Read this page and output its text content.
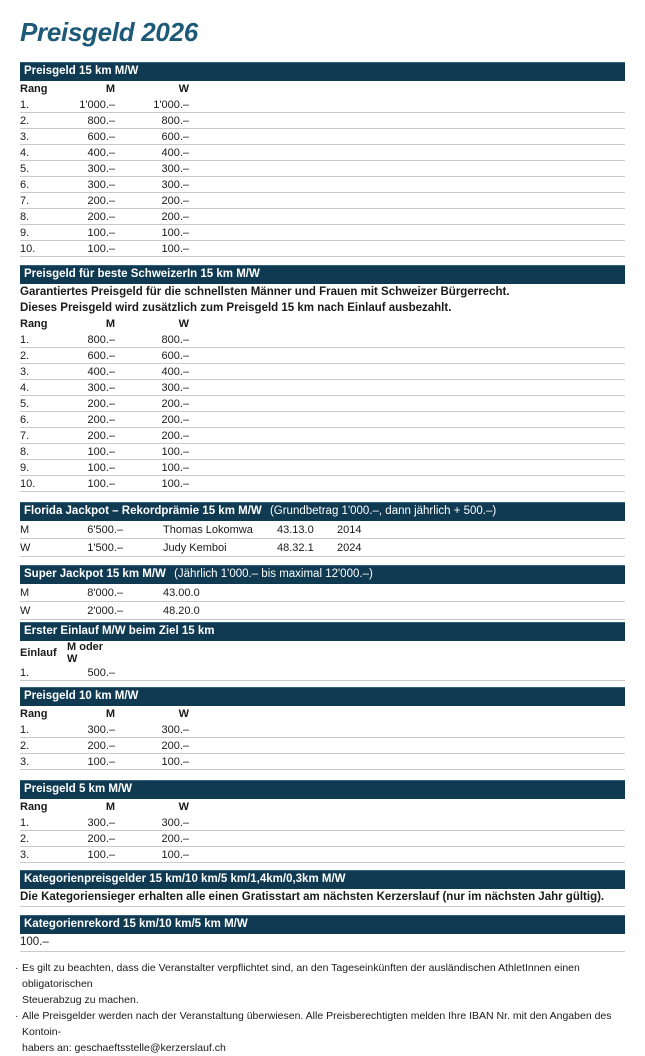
Preisgeld 2026
Preisgeld 15 km M/W
Rang	M	W	
1.	1'000.–	1'000.–	
2.	800.–	800.–	
3.	600.–	600.–	
4.	400.–	400.–	
5.	300.–	300.–	
6.	300.–	300.–	
7.	200.–	200.–	
8.	200.–	200.–	
9.	100.–	100.–	
10.	100.–	100.–	
Preisgeld für beste SchweizerIn 15 km M/W
Garantiertes Preisgeld für die schnellsten Männer und Frauen mit Schweizer Bürgerrecht.
Dieses Preisgeld wird zusätzlich zum Preisgeld 15 km nach Einlauf ausbezahlt.
Rang	M	W	
1.	800.–	800.–	
2.	600.–	600.–	
3.	400.–	400.–	
4.	300.–	300.–	
5.	200.–	200.–	
6.	200.–	200.–	
7.	200.–	200.–	
8.	100.–	100.–	
9.	100.–	100.–	
10.	100.–	100.–	
Florida Jackpot – Rekordprämie 15 km M/W (Grundbetrag 1'000.–, dann jährlich + 500.–)
M	6'500.–	Thomas Lokomwa	43.13.0	2014
W	1'500.–	Judy Kemboi	48.32.1	2024
Super Jackpot 15 km M/W (Jährlich 1'000.– bis maximal 12'000.–)
M	8'000.–	43.00.0
W	2'000.–	48.20.0
Erster Einlauf M/W beim Ziel 15 km
Einlauf	M oder W	
1.	500.–	
Preisgeld 10 km M/W
Rang	M	W	
1.	300.–	300.–	
2.	200.–	200.–	
3.	100.–	100.–	
Preisgeld 5 km M/W
Rang	M	W	
1.	300.–	300.–	
2.	200.–	200.–	
3.	100.–	100.–	
Kategorienpreisgelder 15 km/10 km/5 km/1,4km/0,3km M/W
Die Kategoriensieger erhalten alle einen Gratisstart am nächsten Kerzerslauf (nur im nächsten Jahr gültig).
Kategorienrekord 15 km/10 km/5 km M/W
100.–
· Es gilt zu beachten, dass die Veranstalter verpflichtet sind, an den Tageseinkünften der ausländischen AthletInnen einen obligatorischen
Steuerabzug zu machen.
· Alle Preisgelder werden nach der Veranstaltung überwiesen. Alle Preisberechtigten melden Ihre IBAN Nr. mit den Angaben des Kontoin-
habers an: geschaeftsstelle@kerzerslauf.ch
